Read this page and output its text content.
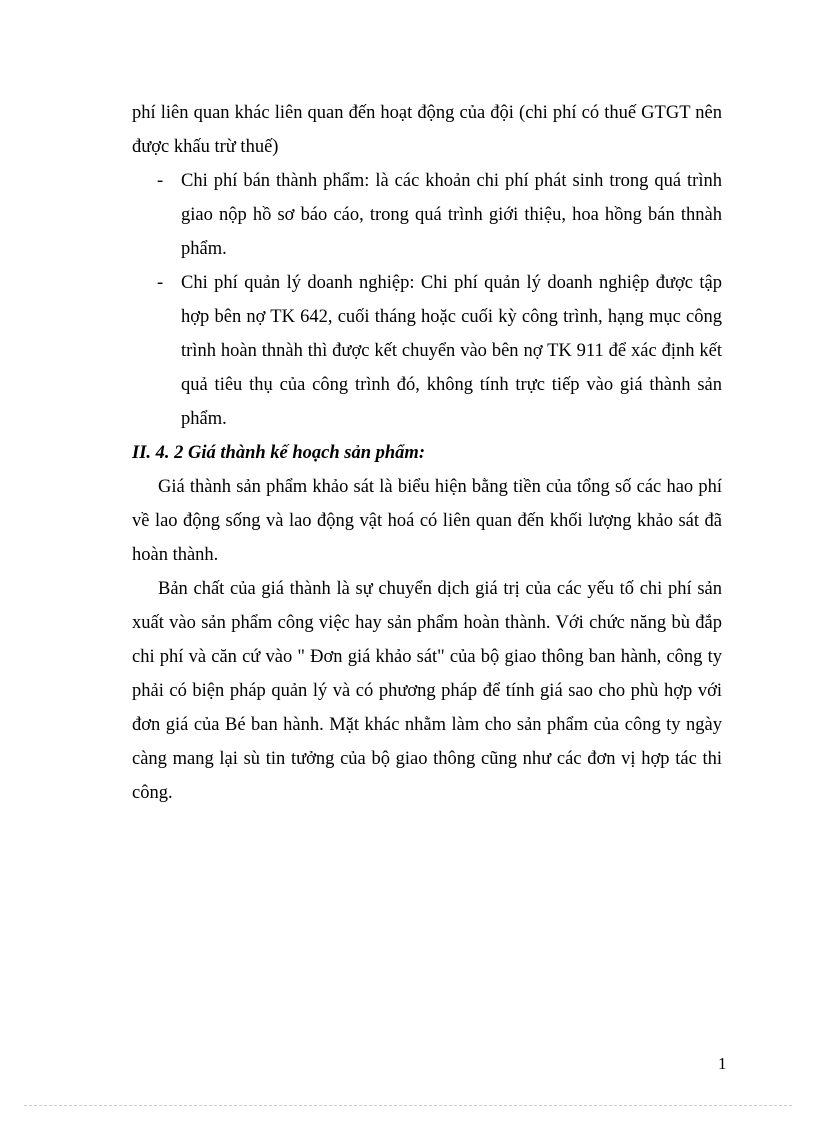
phí liên quan khác liên quan đến hoạt động của đội (chi phí có thuế GTGT nên được khấu trừ thuế)

- Chi phí bán thành phẩm: là các khoản chi phí phát sinh trong quá trình giao nộp hồ sơ báo cáo, trong quá trình giới thiệu, hoa hồng bán thnàh phẩm.
- Chi phí quản lý doanh nghiệp: Chi phí quản lý doanh nghiệp được tập hợp bên nợ TK 642, cuối tháng hoặc cuối kỳ công trình, hạng mục công trình hoàn thnàh thì được kết chuyển vào bên nợ TK 911 để xác định kết quả tiêu thụ của công trình đó, không tính trực tiếp vào giá thành sản phẩm.

II. 4. 2 Giá thành kế hoạch sản phẩm:

Giá thành sản phẩm khảo sát là biểu hiện bằng tiền của tổng số các hao phí về lao động sống và lao động vật hoá có liên quan đến khối lượng khảo sát đã hoàn thành.

Bản chất của giá thành là sự chuyển dịch giá trị của các yếu tố chi phí sản xuất vào sản phẩm công việc hay sản phẩm hoàn thành. Với chức năng bù đắp chi phí và căn cứ vào " Đơn giá khảo sát" của bộ giao thông ban hành, công ty phải có biện pháp quản lý và có phương pháp để tính giá sao cho phù hợp với đơn giá của Bé ban hành. Mặt khác nhằm làm cho sản phẩm của công ty ngày càng mang lại sù tin tưởng của bộ giao thông cũng như các đơn vị hợp tác thi công.

1
